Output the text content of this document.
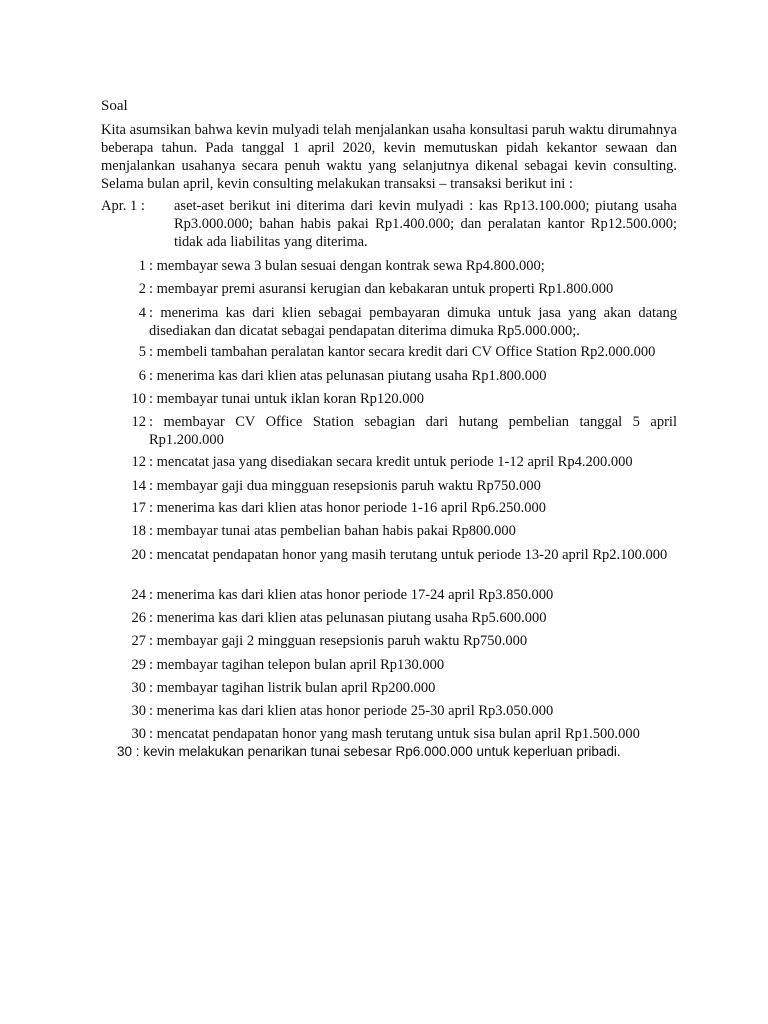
Soal
Kita asumsikan bahwa kevin mulyadi telah menjalankan usaha konsultasi paruh waktu dirumahnya beberapa tahun. Pada tanggal 1 april 2020, kevin memutuskan pidah kekantor sewaan dan menjalankan usahanya secara penuh waktu yang selanjutnya dikenal sebagai kevin consulting. Selama bulan april, kevin consulting melakukan transaksi – transaksi berikut ini :
Apr. 1 : aset-aset berikut ini diterima dari kevin mulyadi : kas Rp13.100.000; piutang usaha Rp3.000.000; bahan habis pakai Rp1.400.000; dan peralatan kantor Rp12.500.000; tidak ada liabilitas yang diterima.
1 : membayar sewa 3 bulan sesuai dengan kontrak sewa Rp4.800.000;
2 : membayar premi asuransi kerugian dan kebakaran untuk properti Rp1.800.000
4 : menerima kas dari klien sebagai pembayaran dimuka untuk jasa yang akan datang disediakan dan dicatat sebagai pendapatan diterima dimuka Rp5.000.000;.
5 : membeli tambahan peralatan kantor secara kredit dari CV Office Station Rp2.000.000
6 : menerima kas dari klien atas pelunasan piutang usaha Rp1.800.000
10 : membayar tunai untuk iklan koran Rp120.000
12 : membayar CV Office Station sebagian dari hutang pembelian tanggal 5 april Rp1.200.000
12 : mencatat jasa yang disediakan secara kredit untuk periode 1-12 april Rp4.200.000
14 : membayar gaji dua mingguan resepsionis paruh waktu Rp750.000
17 : menerima kas dari klien atas honor periode 1-16 april Rp6.250.000
18 : membayar tunai atas pembelian bahan habis pakai Rp800.000
20 : mencatat pendapatan honor yang masih terutang untuk periode 13-20 april Rp2.100.000
24 : menerima kas dari klien atas honor periode 17-24 april Rp3.850.000
26 : menerima kas dari klien atas pelunasan piutang usaha Rp5.600.000
27 : membayar gaji 2 mingguan resepsionis paruh waktu Rp750.000
29 : membayar tagihan telepon bulan april Rp130.000
30 : membayar tagihan listrik bulan april Rp200.000
30 : menerima kas dari klien atas honor periode 25-30 april Rp3.050.000
30 : mencatat pendapatan honor yang mash terutang untuk sisa bulan april Rp1.500.000
30 : kevin melakukan penarikan tunai sebesar Rp6.000.000 untuk keperluan pribadi.
